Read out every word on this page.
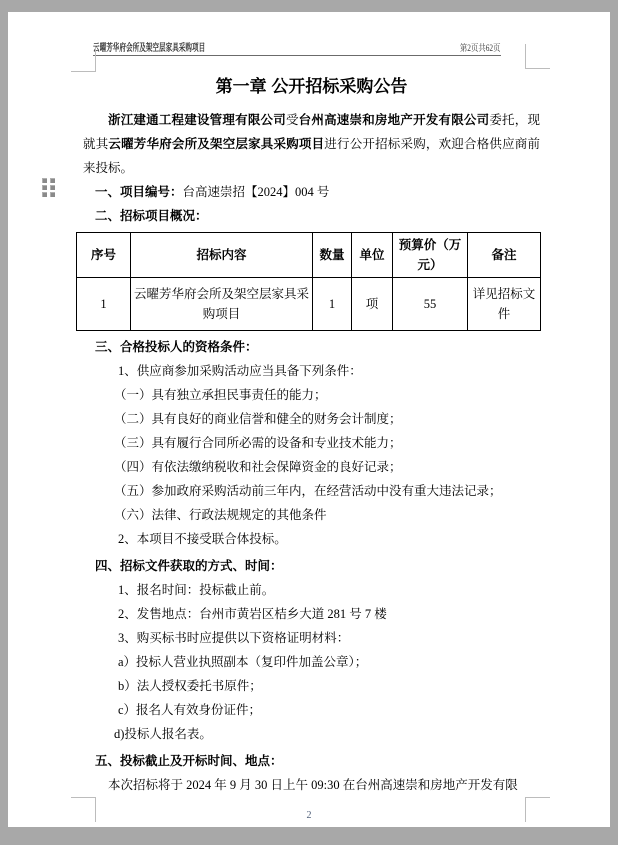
云曜芳华府会所及架空层家具采购项目	第2页共62页
第一章 公开招标采购公告

浙江建通工程建设管理有限公司受台州高速崇和房地产开发有限公司委托，现就其云曜芳华府会所及架空层家具采购项目进行公开招标采购，欢迎合格供应商前来投标。

一、项目编号：台高速崇招【2024】004 号
二、招标项目概况：
序号	招标内容	数量	单位	预算价（万元）	备注
1	云曜芳华府会所及架空层家具采购项目	1	项	55	详见招标文件
三、合格投标人的资格条件：
1、供应商参加采购活动应当具备下列条件：
（一）具有独立承担民事责任的能力；
（二）具有良好的商业信誉和健全的财务会计制度；
（三）具有履行合同所必需的设备和专业技术能力；
（四）有依法缴纳税收和社会保障资金的良好记录；
（五）参加政府采购活动前三年内，在经营活动中没有重大违法记录；
（六）法律、行政法规规定的其他条件
2、本项目不接受联合体投标。
四、招标文件获取的方式、时间：
1、报名时间：投标截止前。
2、发售地点：台州市黄岩区桔乡大道 281 号 7 楼
3、购买标书时应提供以下资格证明材料：
a）投标人营业执照副本（复印件加盖公章）；
b）法人授权委托书原件；
c）报名人有效身份证件；
d)投标人报名表。
五、投标截止及开标时间、地点：
本次招标将于 2024 年 9 月 30 日上午 09:30 在台州高速崇和房地产开发有限
2
